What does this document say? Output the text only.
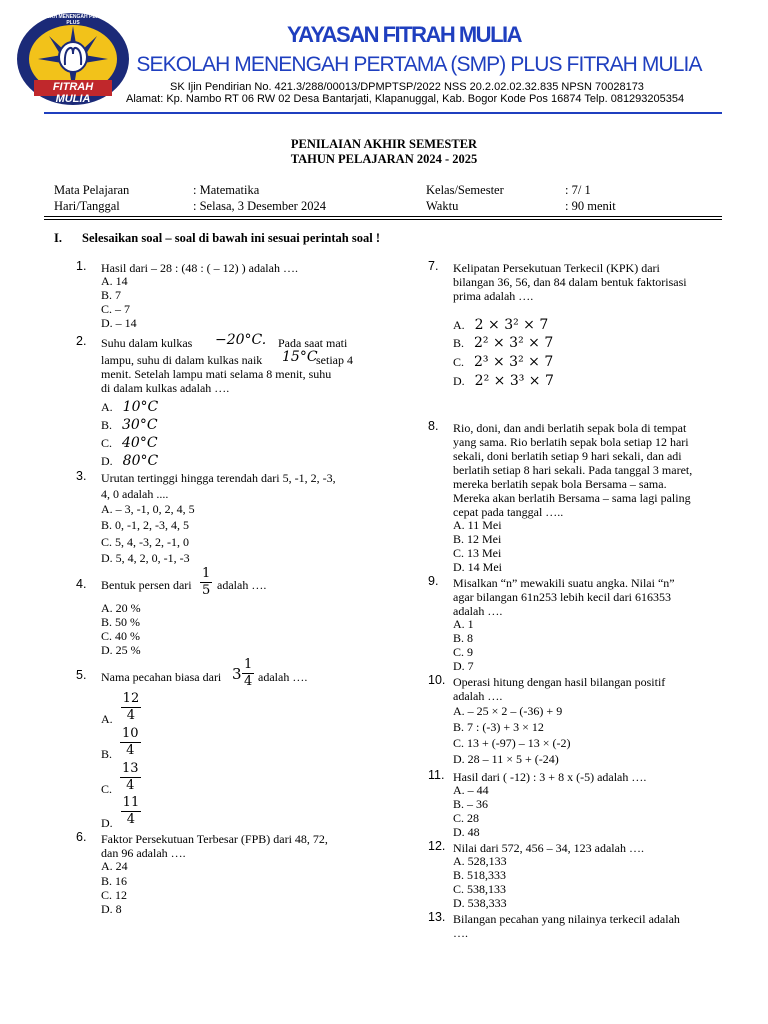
FITRAH MULIA
SEKOLAH MENENGAH PERTAMA PLUS	YAYASAN FITRAH MULIA
SEKOLAH MENENGAH PERTAMA (SMP) PLUS FITRAH MULIA
SK Ijin Pendirian No. 421.3/288/00013/DPMPTSP/2022 NSS 20.2.02.02.32.835 NPSN 70028173
Alamat: Kp. Nambo RT 06 RW 02 Desa Bantarjati, Klapanuggal, Kab. Bogor Kode Pos 16874 Telp. 081293205354
PENILAIAN AKHIR SEMESTER
TAHUN PELAJARAN 2024 - 2025
Mata Pelajaran	: Matematika	Kelas/Semester	: 7/ 1
Hari/Tanggal	: Selasa, 3 Desember 2024	Waktu	: 90 menit
I. Selesaikan soal – soal di bawah ini sesuai perintah soal !
1. Hasil dari – 28 : (48 : ( – 12) ) adalah ….
A. 14
B. 7
C. – 7
D. – 14
2. Suhu dalam kulkas −20°C. Pada saat mati
lampu, suhu di dalam kulkas naik 15°C
setiap 4
menit. Setelah lampu mati selama 8 menit, suhu
di dalam kulkas adalah ….
A. 10°C
B. 30°C
C. 40°C
D. 80°C
3. Urutan tertinggi hingga terendah dari 5, -1, 2, -3,
4, 0 adalah ....
A. – 3, -1, 0, 2, 4, 5
B. 0, -1, 2, -3, 4, 5
C. 5, 4, -3, 2, -1, 0
D. 5, 4, 2, 0, -1, -3
4. Bentuk persen dari $\frac{1}{5}$ adalah ….
A. 20 %
B. 50 %
C. 40 %
D. 25 %
5. Nama pecahan biasa dari $3 \frac{1}{4}$ adalah ….
$_{A.} \frac{12}{4}$
$_{B.} \frac{10}{4}$
$_{C.} \frac{13}{4}$
$_{D.} \frac{11}{4}$
6. Faktor Persekutuan Terbesar (FPB) dari 48, 72,
dan 96 adalah ….
A. 24
B. 16
C. 12
D. 8
7. Kelipatan Persekutuan Terkecil (KPK) dari
bilangan 36, 56, dan 84 dalam bentuk faktorisasi
prima adalah ….
A. 2 × 3² × 7
B. 2² × 3² × 7
C. 2³ × 3² × 7
D. 2² × 3³ × 7
8. Rio, doni, dan andi berlatih sepak bola di tempat
yang sama. Rio berlatih sepak bola setiap 12 hari
sekali, doni berlatih setiap 9 hari sekali, dan adi
berlatih setiap 8 hari sekali. Pada tanggal 3 maret,
mereka berlatih sepak bola Bersama – sama.
Mereka akan berlatih Bersama – sama lagi paling
cepat pada tanggal …..
A. 11 Mei
B. 12 Mei
C. 13 Mei
D. 14 Mei
9. Misalkan “n” mewakili suatu angka. Nilai “n”
agar bilangan 61n253 lebih kecil dari 616353
adalah ….
A. 1
B. 8
C. 9
D. 7
10. Operasi hitung dengan hasil bilangan positif
adalah ….
A. – 25 × 2 – (-36) + 9
B. 7 : (-3) + 3 × 12
C. 13 + (-97) – 13 × (-2)
D. 28 – 11 × 5 + (-24)
11. Hasil dari ( -12) : 3 + 8 x (-5) adalah ….
A. – 44
B. – 36
C. 28
D. 48
12. Nilai dari 572, 456 – 34, 123 adalah ….
A. 528,133
B. 518,333
C. 538,133
D. 538,333
13. Bilangan pecahan yang nilainya terkecil adalah
….
